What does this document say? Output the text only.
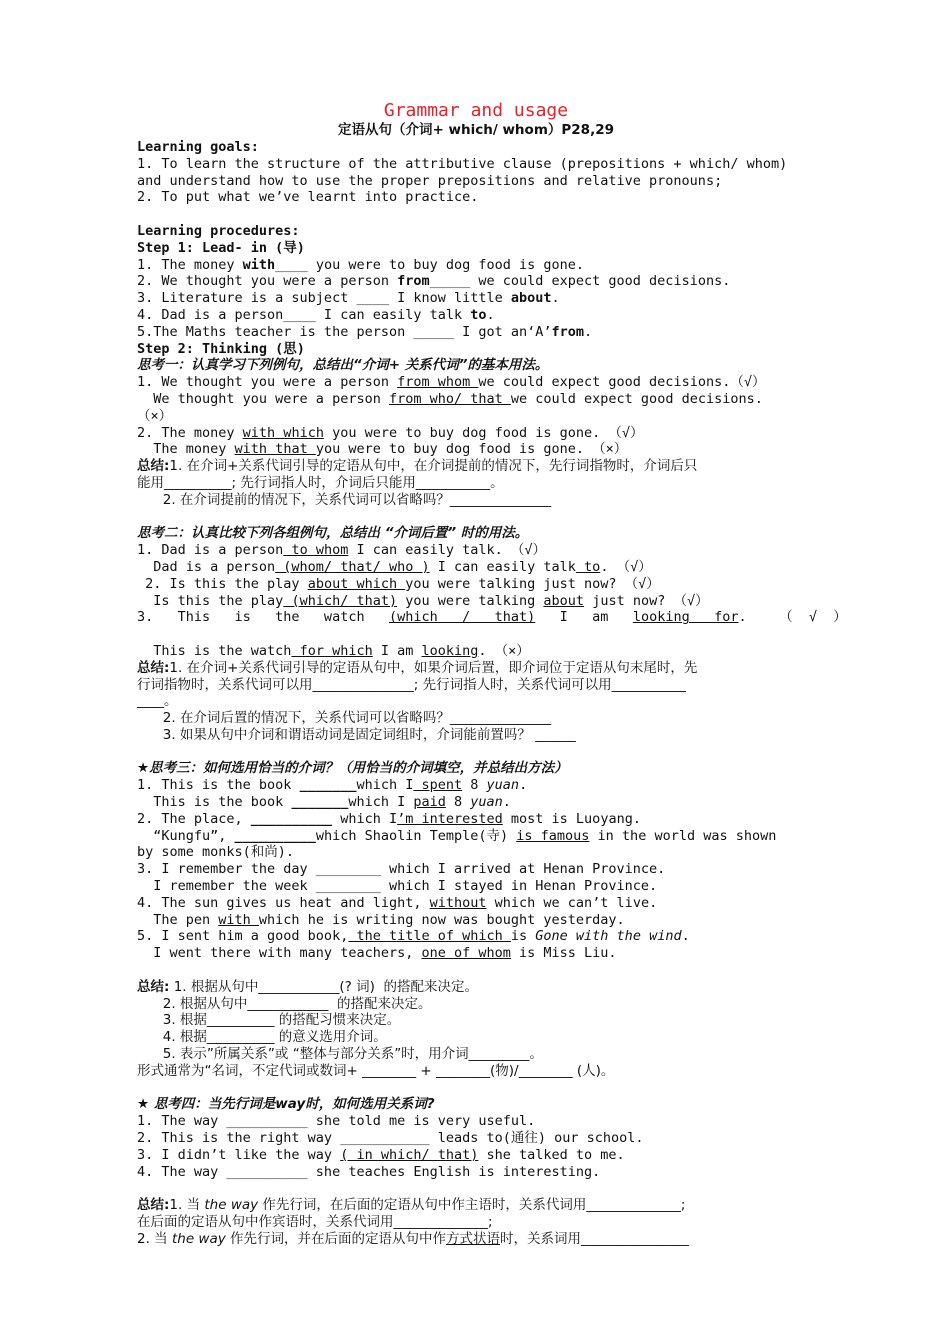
Grammar and usage
定语从句（介词+ which/ whom）P28,29
Learning goals:
1. To learn the structure of the attributive clause (prepositions + which/ whom)
and understand how to use the proper prepositions and relative pronouns;
2. To put what we’ve learnt into practice.
Learning procedures:
Step 1: Lead- in (导)
1. The money with____ you were to buy dog food is gone.
2. We thought you were a person from_____ we could expect good decisions.
3. Literature is a subject ____ I know little about.
4. Dad is a person____ I can easily talk to.
5.The Maths teacher is the person _____ I got an‘A’from.
Step 2: Thinking (思)
思考一：认真学习下列例句，总结出“介词+ 关系代词”的基本用法。
1. We thought you were a person from whom we could expect good decisions.（√）
We thought you were a person from who/ that we could expect good decisions.
（×）
2. The money with which you were to buy dog food is gone. （√）
The money with that you were to buy dog food is gone. （×）
总结:1. 在介词+关系代词引导的定语从句中，在介词提前的情况下，先行词指物时，介词后只
能用__________; 先行词指人时，介词后只能用___________。
2. 在介词提前的情况下，关系代词可以省略吗？_______________
思考二：认真比较下列各组例句，总结出 “介词后置” 时的用法。
1. Dad is a person to whom I can easily talk. （√）
Dad is a person (whom/ that/ who ) I can easily talk to. （√）
2. Is this the play about which you were talking just now? （√）
Is this the play (which/ that) you were talking about just now? （√）
3.   This   is   the   watch   (which   /   that)   I   am   looking   for.    （  √  ）
This is the watch for which I am looking. （×）
总结:1. 在介词+关系代词引导的定语从句中，如果介词后置，即介词位于定语从句末尾时，先
行词指物时，关系代词可以用_______________; 先行词指人时，关系代词可以用___________
____。
2. 在介词后置的情况下，关系代词可以省略吗？_______________
3. 如果从句中介词和谓语动词是固定词组时，介词能前置吗？ ______
★思考三：如何选用恰当的介词？（用恰当的介词填空，并总结出方法）
1. This is the book _______which I spent 8 yuan.
This is the book _______which I paid 8 yuan.
2. The place, __________ which I’m interested most is Luoyang.
“Kungfu”, __________which Shaolin Temple(寺) is famous in the world was shown
by some monks(和尚).
3. I remember the day ________ which I arrived at Henan Province.
I remember the week ________ which I stayed in Henan Province.
4. The sun gives us heat and light, without which we can’t live.
The pen with which he is writing now was bought yesterday.
5. I sent him a good book, the title of which is Gone with the wind.
I went there with many teachers, one of whom is Miss Liu.
总结: 1. 根据从句中____________(? 词)  的搭配来决定。
2. 根据从句中____________  的搭配来决定。
3. 根据__________ 的搭配习惯来决定。
4. 根据__________ 的意义选用介词。
5. 表示”所属关系”或 “整体与部分关系”时，用介词_________。
形式通常为“名词，不定代词或数词+ ________ + ________(物)/________ (人)。
★ 思考四：当先行词是way时，如何选用关系词?
1. The way __________ she told me is very useful.
2. This is the right way ___________ leads to(通往) our school.
3. I didn’t like the way ( in which/ that) she talked to me.
4. The way __________ she teaches English is interesting.
总结:1. 当 the way 作先行词，在后面的定语从句中作主语时，关系代词用______________;
在后面的定语从句中作宾语时，关系代词用______________;
2. 当 the way 作先行词，并在后面的定语从句中作方式状语时，关系词用________________
